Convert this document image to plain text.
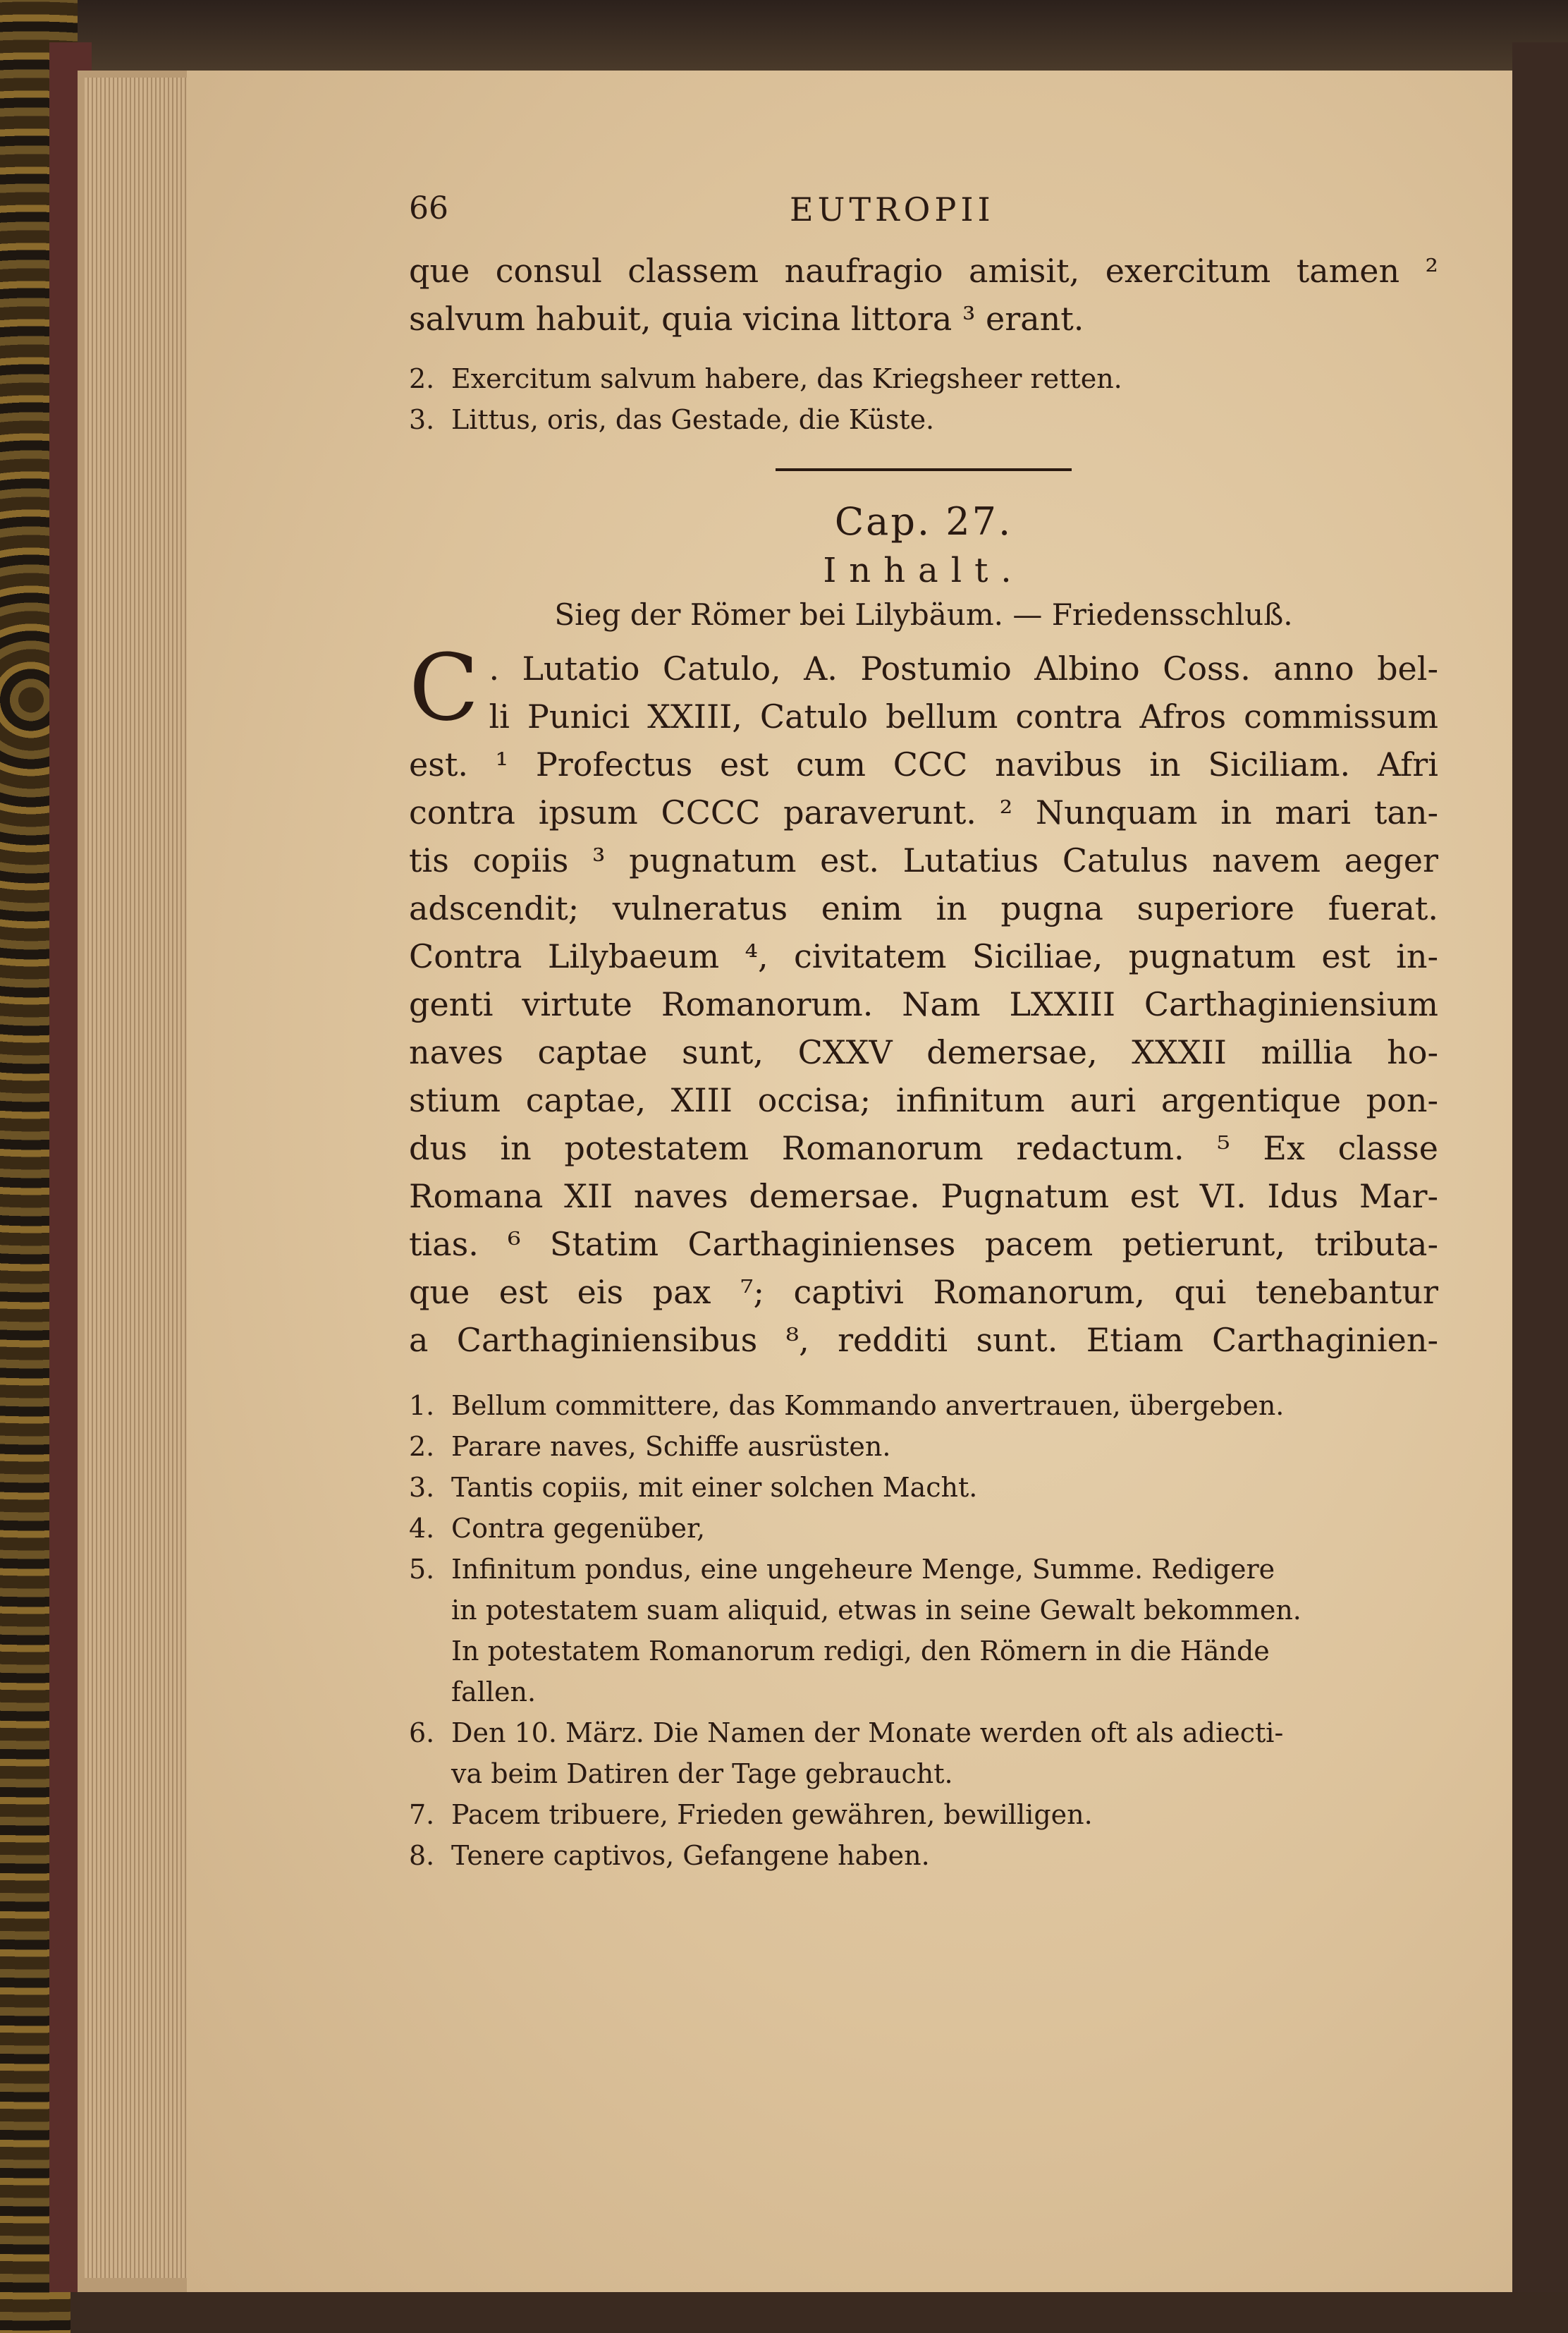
66	EUTROPII
que consul classem naufragio amisit, exercitum tamen ²
salvum habuit, quia vicina littora ³ erant.
2. Exercitum salvum habere, das Kriegsheer retten.
3. Littus, oris, das Gestade, die Küste.
Cap. 27.
Inhalt.
Sieg der Römer bei Lilybäum. — Friedensschluß.
C . Lutatio Catulo, A. Postumio Albino Coss. anno bel-
li Punici XXIII, Catulo bellum contra Afros commissum
est. ¹ Profectus est cum CCC navibus in Siciliam. Afri
contra ipsum CCCC paraverunt. ² Nunquam in mari tan-
tis copiis ³ pugnatum est. Lutatius Catulus navem aeger
adscendit; vulneratus enim in pugna superiore fuerat.
Contra Lilybaeum ⁴, civitatem Siciliae, pugnatum est in-
genti virtute Romanorum. Nam LXXIII Carthaginiensium
naves captae sunt, CXXV demersae, XXXII millia ho-
stium captae, XIII occisa; infinitum auri argentique pon-
dus in potestatem Romanorum redactum. ⁵ Ex classe
Romana XII naves demersae. Pugnatum est VI. Idus Mar-
tias. ⁶ Statim Carthaginienses pacem petierunt, tributa-
que est eis pax ⁷; captivi Romanorum, qui tenebantur
a Carthaginiensibus ⁸, redditi sunt. Etiam Carthaginien-
1. Bellum committere, das Kommando anvertrauen, übergeben.
2. Parare naves, Schiffe ausrüsten.
3. Tantis copiis, mit einer solchen Macht.
4. Contra gegenüber,
5. Infinitum pondus, eine ungeheure Menge, Summe. Redigere
in potestatem suam aliquid, etwas in seine Gewalt bekommen.
In potestatem Romanorum redigi, den Römern in die Hände
fallen.
6. Den 10. März. Die Namen der Monate werden oft als adiecti-
va beim Datiren der Tage gebraucht.
7. Pacem tribuere, Frieden gewähren, bewilligen.
8. Tenere captivos, Gefangene haben.
